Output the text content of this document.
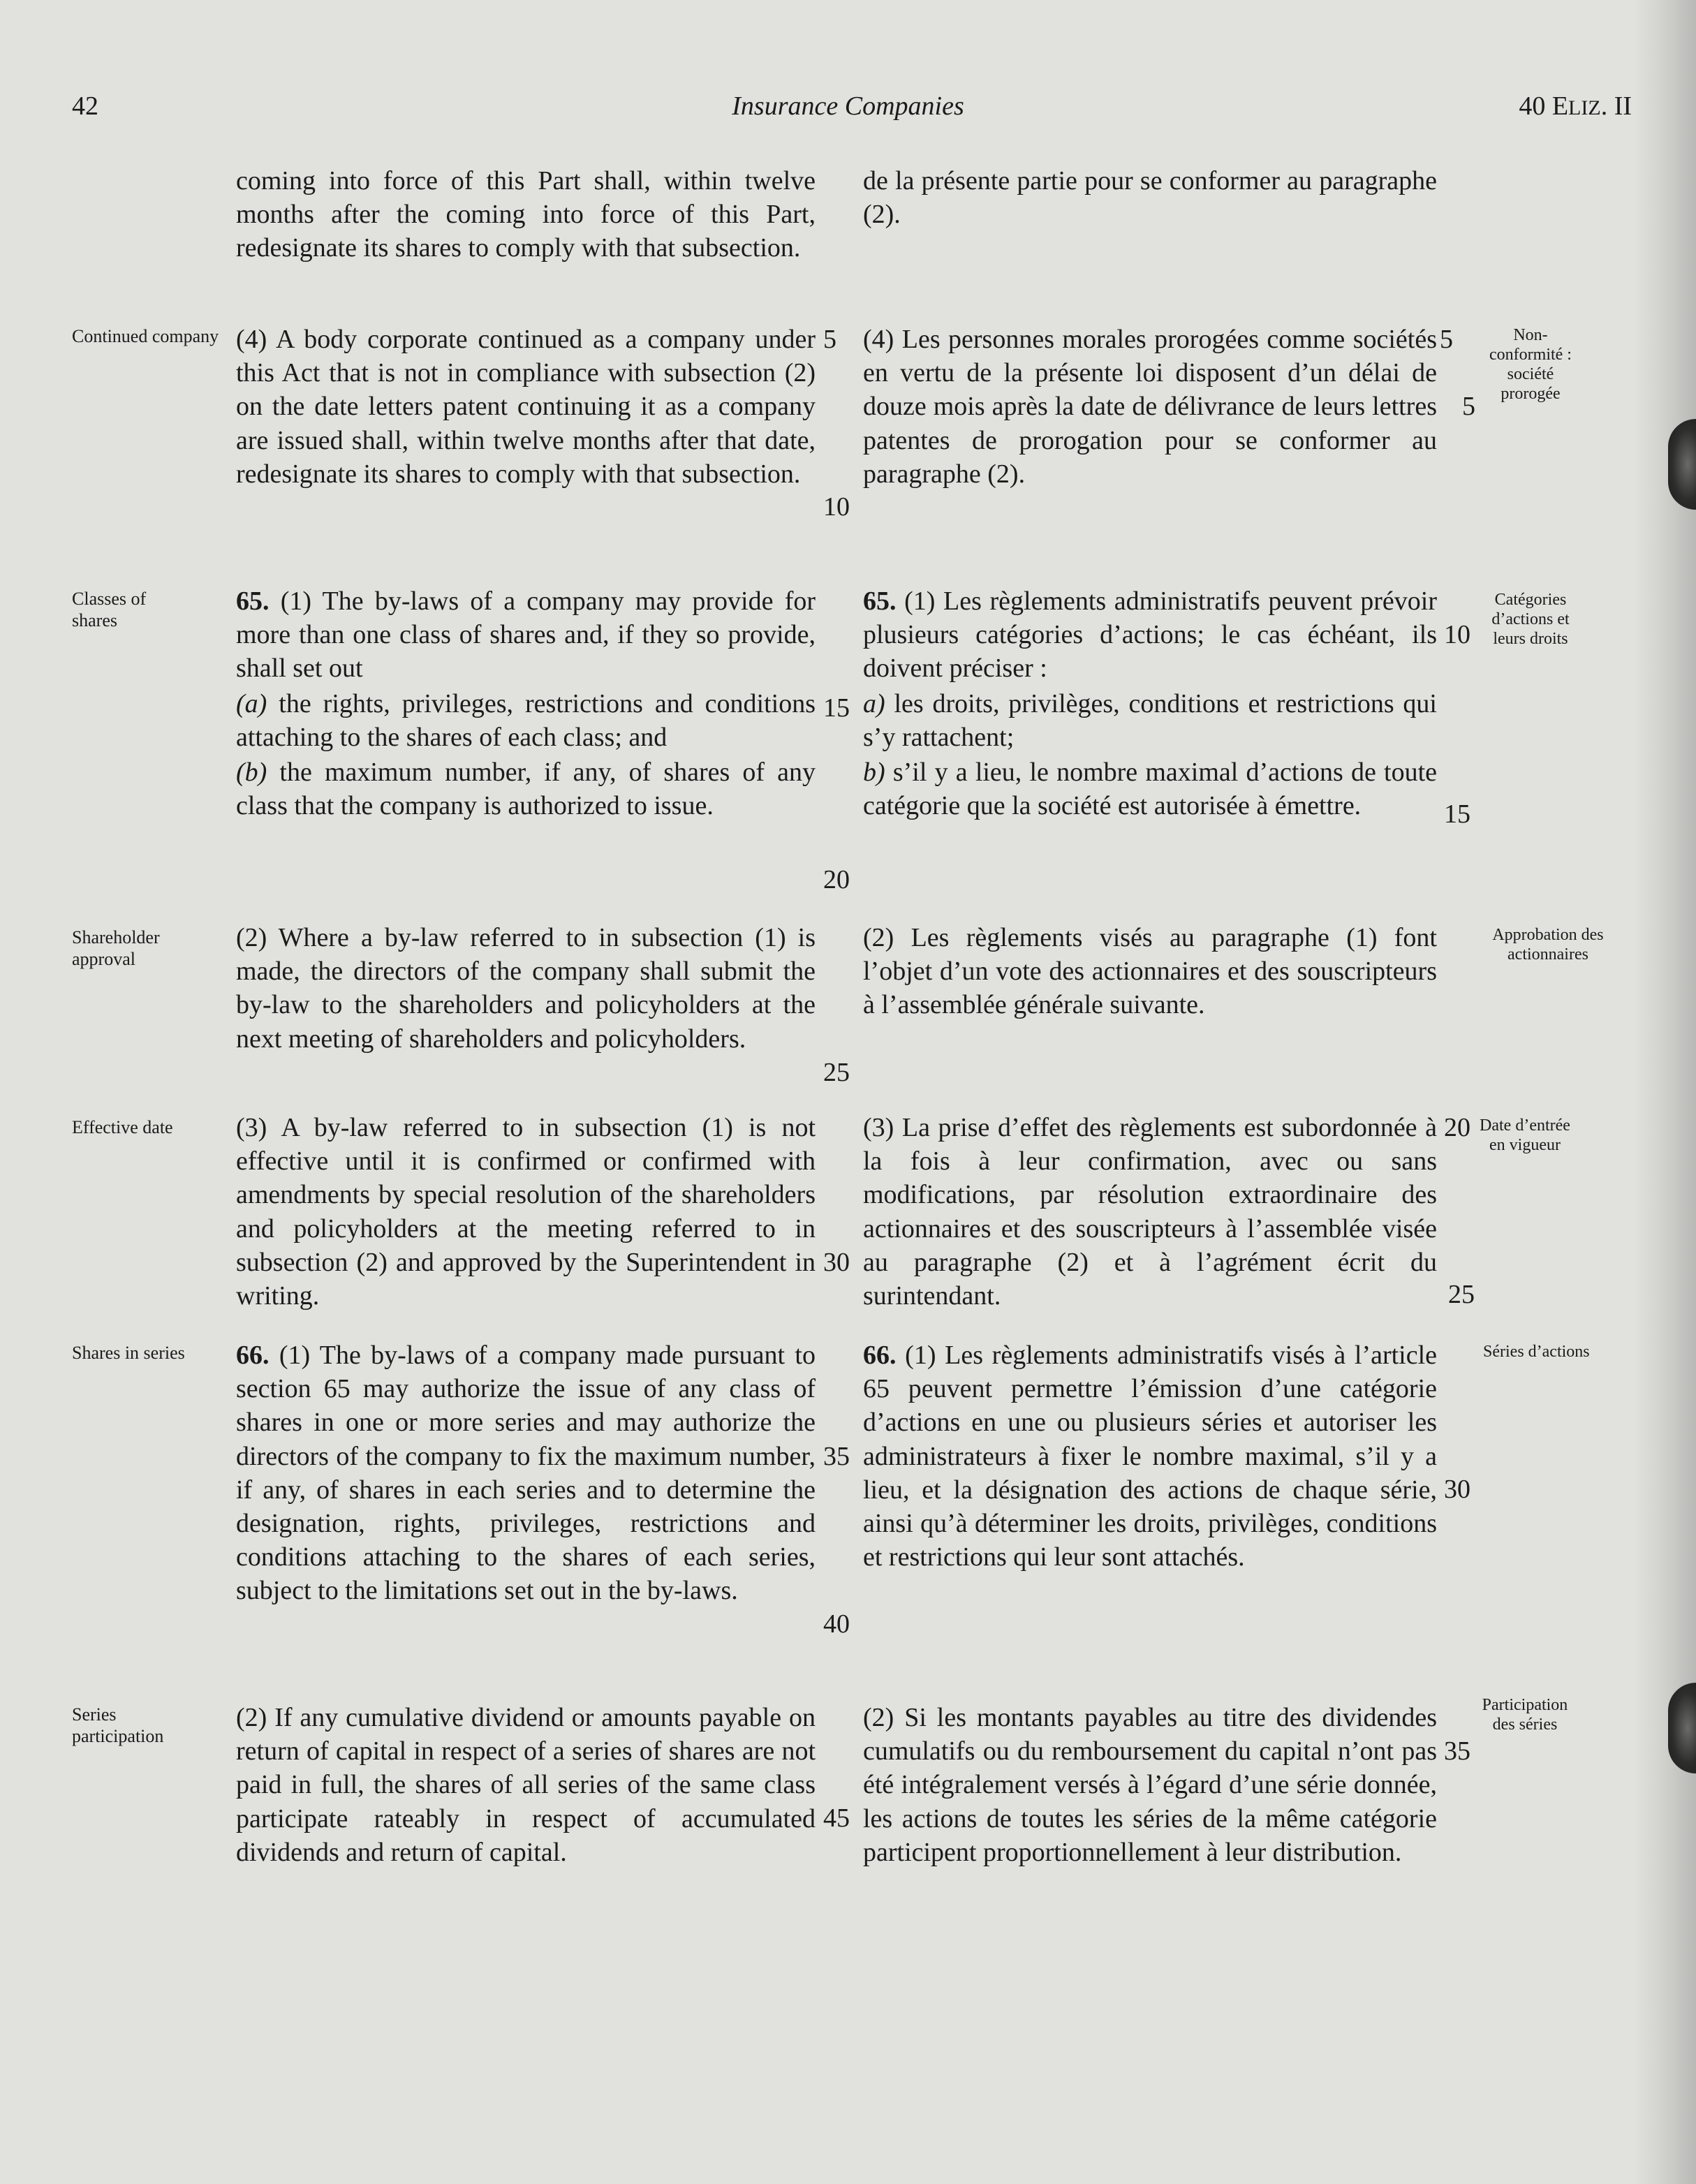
42	Insurance Companies	40 ELIZ. II
Continued company
Classes of shares
Shareholder approval
Effective date
Shares in series
Series participation
Non-conformité : société prorogée
Catégories d’actions et leurs droits
Approbation des actionnaires
Date d’entrée en vigueur
Séries d’actions
Participation des séries

coming into force of this Part shall, within twelve months after the coming into force of this Part, redesignate its shares to comply with that subsection.

(4) A body corporate continued as a company under this Act that is not in compliance with subsection (2) on the date letters patent continuing it as a company are issued shall, within twelve months after that date, redesignate its shares to comply with that subsection.

65. (1) The by-laws of a company may provide for more than one class of shares and, if they so provide, shall set out

(a) the rights, privileges, restrictions and conditions attaching to the shares of each class; and

(b) the maximum number, if any, of shares of any class that the company is authorized to issue.

(2) Where a by-law referred to in subsection (1) is made, the directors of the company shall submit the by-law to the shareholders and policyholders at the next meeting of shareholders and policyholders.

(3) A by-law referred to in subsection (1) is not effective until it is confirmed or confirmed with amendments by special resolution of the shareholders and policyholders at the meeting referred to in subsection (2) and approved by the Superintendent in writing.

66. (1) The by-laws of a company made pursuant to section 65 may authorize the issue of any class of shares in one or more series and may authorize the directors of the company to fix the maximum number, if any, of shares in each series and to determine the designation, rights, privileges, restrictions and conditions attaching to the shares of each series, subject to the limitations set out in the by-laws.

(2) If any cumulative dividend or amounts payable on return of capital in respect of a series of shares are not paid in full, the shares of all series of the same class participate rateably in respect of accumulated dividends and return of capital.

de la présente partie pour se conformer au paragraphe (2).

(4) Les personnes morales prorogées comme sociétés en vertu de la présente loi disposent d’un délai de douze mois après la date de délivrance de leurs lettres patentes de prorogation pour se conformer au paragraphe (2).

65. (1) Les règlements administratifs peuvent prévoir plusieurs catégories d’actions; le cas échéant, ils doivent préciser :

a) les droits, privilèges, conditions et restrictions qui s’y rattachent;

b) s’il y a lieu, le nombre maximal d’actions de toute catégorie que la société est autorisée à émettre.

(2) Les règlements visés au paragraphe (1) font l’objet d’un vote des actionnaires et des souscripteurs à l’assemblée générale suivante.

(3) La prise d’effet des règlements est subordonnée à la fois à leur confirmation, avec ou sans modifications, par résolution extraordinaire des actionnaires et des souscripteurs à l’assemblée visée au paragraphe (2) et à l’agrément écrit du surintendant.

66. (1) Les règlements administratifs visés à l’article 65 peuvent permettre l’émission d’une catégorie d’actions en une ou plusieurs séries et autoriser les administrateurs à fixer le nombre maximal, s’il y a lieu, et la désignation des actions de chaque série, ainsi qu’à déterminer les droits, privilèges, conditions et restrictions qui leur sont attachés.

(2) Si les montants payables au titre des dividendes cumulatifs ou du remboursement du capital n’ont pas été intégralement versés à l’égard d’une série donnée, les actions de toutes les séries de la même catégorie participent proportionnellement à leur distribution.

5
10
15
20
25
30
35
40
45
5
5
10
15
20
25
30
35
